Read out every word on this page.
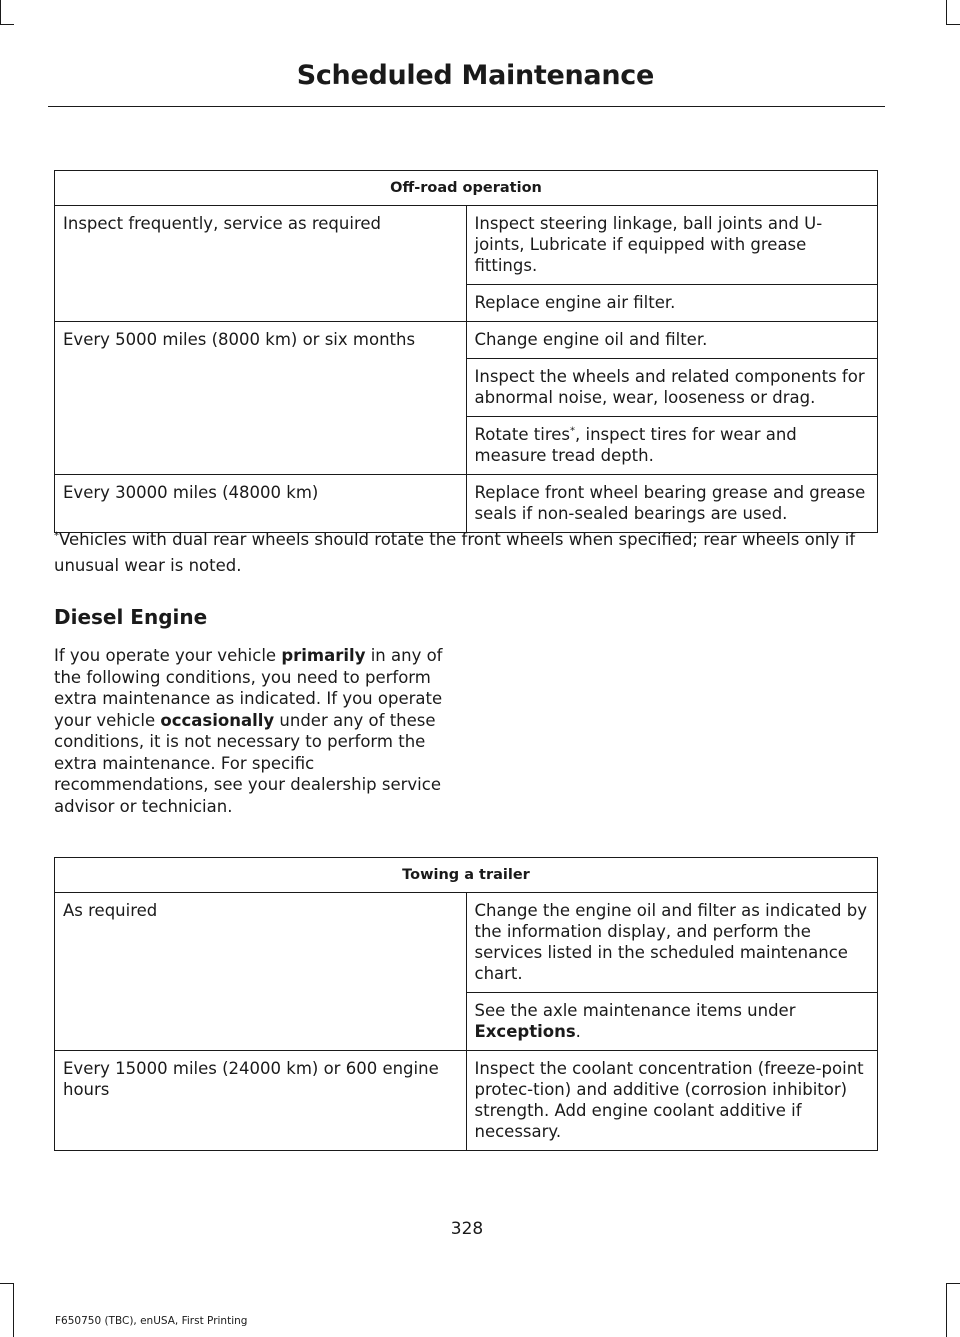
Scheduled Maintenance
Off-road operation	
Inspect frequently, service as required	Inspect steering linkage, ball joints and U-joints, Lubricate if equipped with grease fittings.
	Replace engine air filter.
Every 5000 miles (8000 km) or six months	Change engine oil and filter.
	Inspect the wheels and related components for abnormal noise, wear, looseness or drag.
	Rotate tires*, inspect tires for wear and measure tread depth.
Every 30000 miles (48000 km)	Replace front wheel bearing grease and grease seals if non-sealed bearings are used.

*Vehicles with dual rear wheels should rotate the front wheels when specified; rear wheels only if unusual wear is noted.

Diesel Engine

If you operate your vehicle primarily in any of the following conditions, you need to perform extra maintenance as indicated. If you operate your vehicle occasionally under any of these conditions, it is not necessary to perform the extra maintenance. For specific recommendations, see your dealership service advisor or technician.

Towing a trailer	
As required	Change the engine oil and filter as indicated by the information display, and perform the services listed in the scheduled maintenance chart.
	See the axle maintenance items under Exceptions.
Every 15000 miles (24000 km) or 600 engine hours	Inspect the coolant concentration (freeze-point protec-tion) and additive (corrosion inhibitor) strength. Add engine coolant additive if necessary.
328
F650750 (TBC), enUSA, First Printing
